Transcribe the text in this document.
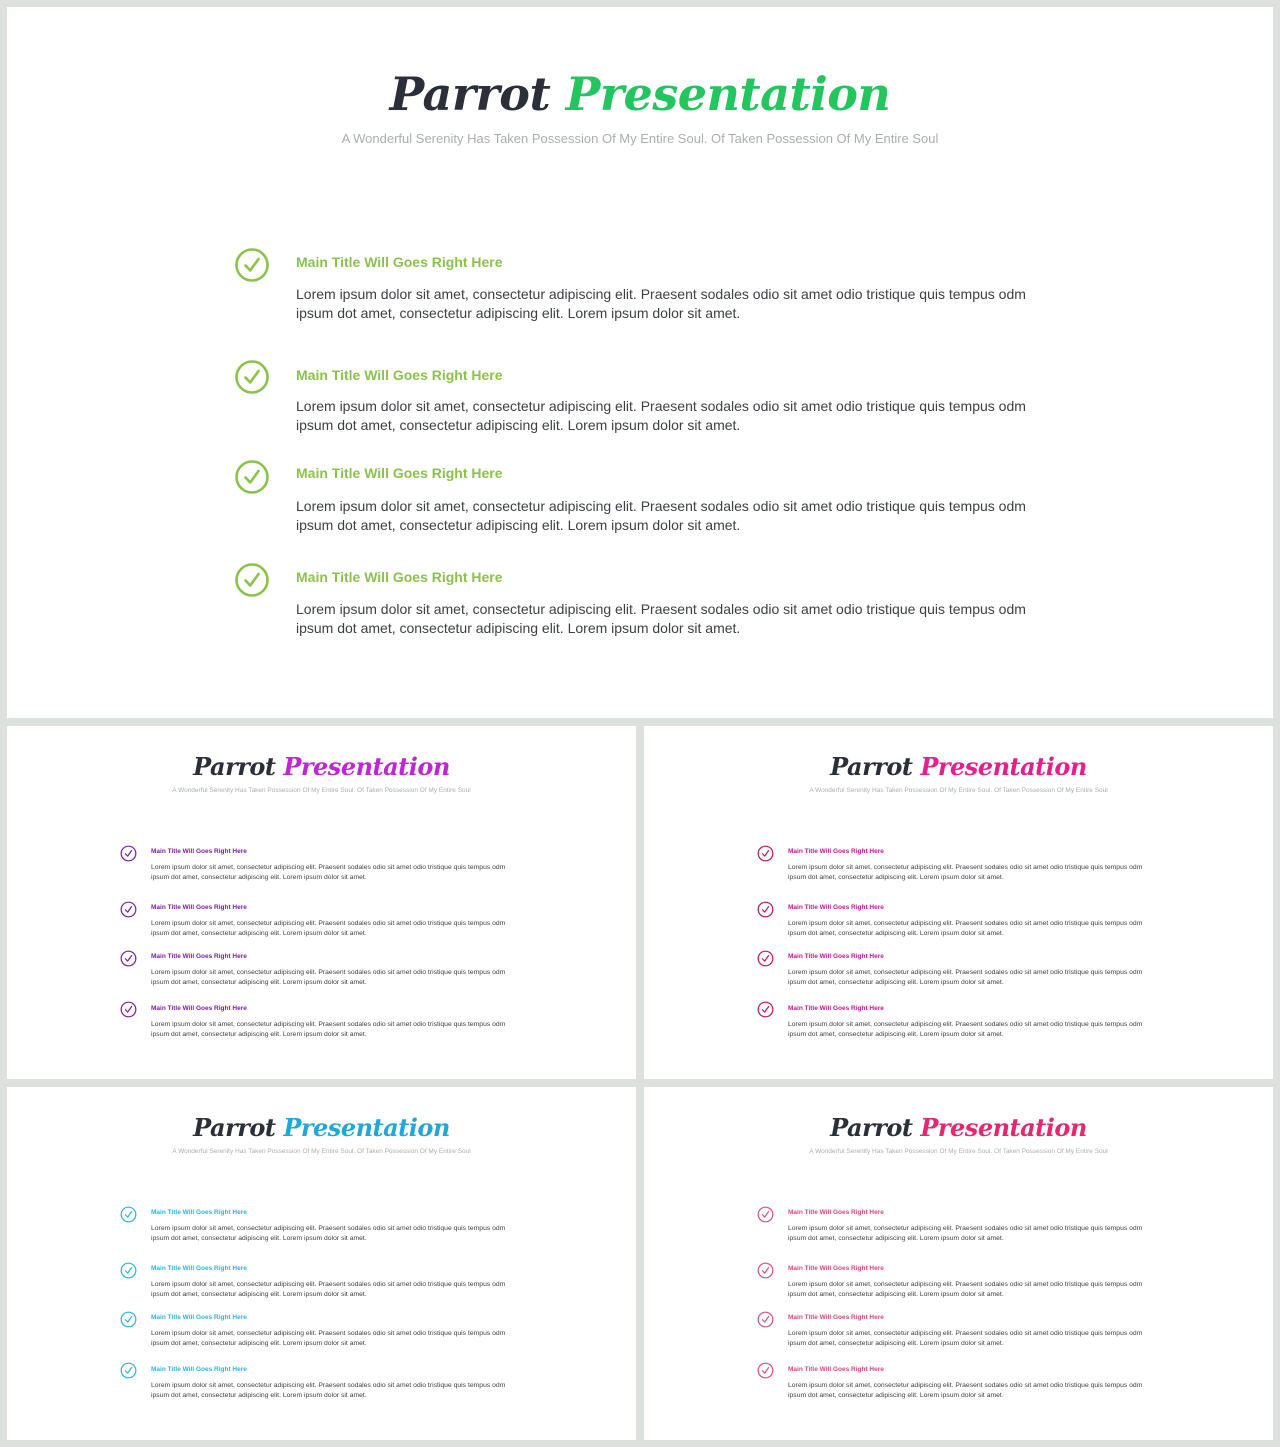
Parrot Presentation
A Wonderful Serenity Has Taken Possession Of My Entire Soul. Of Taken Possession Of My Entire Soul
Main Title Will Goes Right Here
Lorem ipsum dolor sit amet, consectetur adipiscing elit. Praesent sodales odio sit amet odio tristique quis tempus odm ipsum dot amet, consectetur adipiscing elit. Lorem ipsum dolor sit amet.
Main Title Will Goes Right Here
Lorem ipsum dolor sit amet, consectetur adipiscing elit. Praesent sodales odio sit amet odio tristique quis tempus odm ipsum dot amet, consectetur adipiscing elit. Lorem ipsum dolor sit amet.
Main Title Will Goes Right Here
Lorem ipsum dolor sit amet, consectetur adipiscing elit. Praesent sodales odio sit amet odio tristique quis tempus odm ipsum dot amet, consectetur adipiscing elit. Lorem ipsum dolor sit amet.
Main Title Will Goes Right Here
Lorem ipsum dolor sit amet, consectetur adipiscing elit. Praesent sodales odio sit amet odio tristique quis tempus odm ipsum dot amet, consectetur adipiscing elit. Lorem ipsum dolor sit amet.
Parrot Presentation
A Wonderful Serenity Has Taken Possession Of My Entire Soul. Of Taken Possession Of My Entire Soul
Main Title Will Goes Right Here
Lorem ipsum dolor sit amet, consectetur adipiscing elit. Praesent sodales odio sit amet odio tristique quis tempus odm ipsum dot amet, consectetur adipiscing elit. Lorem ipsum dolor sit amet.
Main Title Will Goes Right Here
Lorem ipsum dolor sit amet, consectetur adipiscing elit. Praesent sodales odio sit amet odio tristique quis tempus odm ipsum dot amet, consectetur adipiscing elit. Lorem ipsum dolor sit amet.
Main Title Will Goes Right Here
Lorem ipsum dolor sit amet, consectetur adipiscing elit. Praesent sodales odio sit amet odio tristique quis tempus odm ipsum dot amet, consectetur adipiscing elit. Lorem ipsum dolor sit amet.
Main Title Will Goes Right Here
Lorem ipsum dolor sit amet, consectetur adipiscing elit. Praesent sodales odio sit amet odio tristique quis tempus odm ipsum dot amet, consectetur adipiscing elit. Lorem ipsum dolor sit amet.
Parrot Presentation
A Wonderful Serenity Has Taken Possession Of My Entire Soul. Of Taken Possession Of My Entire Soul
Main Title Will Goes Right Here
Lorem ipsum dolor sit amet, consectetur adipiscing elit. Praesent sodales odio sit amet odio tristique quis tempus odm ipsum dot amet, consectetur adipiscing elit. Lorem ipsum dolor sit amet.
Main Title Will Goes Right Here
Lorem ipsum dolor sit amet, consectetur adipiscing elit. Praesent sodales odio sit amet odio tristique quis tempus odm ipsum dot amet, consectetur adipiscing elit. Lorem ipsum dolor sit amet.
Main Title Will Goes Right Here
Lorem ipsum dolor sit amet, consectetur adipiscing elit. Praesent sodales odio sit amet odio tristique quis tempus odm ipsum dot amet, consectetur adipiscing elit. Lorem ipsum dolor sit amet.
Main Title Will Goes Right Here
Lorem ipsum dolor sit amet, consectetur adipiscing elit. Praesent sodales odio sit amet odio tristique quis tempus odm ipsum dot amet, consectetur adipiscing elit. Lorem ipsum dolor sit amet.
Parrot Presentation
A Wonderful Serenity Has Taken Possession Of My Entire Soul. Of Taken Possession Of My Entire Soul
Main Title Will Goes Right Here
Lorem ipsum dolor sit amet, consectetur adipiscing elit. Praesent sodales odio sit amet odio tristique quis tempus odm ipsum dot amet, consectetur adipiscing elit. Lorem ipsum dolor sit amet.
Main Title Will Goes Right Here
Lorem ipsum dolor sit amet, consectetur adipiscing elit. Praesent sodales odio sit amet odio tristique quis tempus odm ipsum dot amet, consectetur adipiscing elit. Lorem ipsum dolor sit amet.
Main Title Will Goes Right Here
Lorem ipsum dolor sit amet, consectetur adipiscing elit. Praesent sodales odio sit amet odio tristique quis tempus odm ipsum dot amet, consectetur adipiscing elit. Lorem ipsum dolor sit amet.
Main Title Will Goes Right Here
Lorem ipsum dolor sit amet, consectetur adipiscing elit. Praesent sodales odio sit amet odio tristique quis tempus odm ipsum dot amet, consectetur adipiscing elit. Lorem ipsum dolor sit amet.
Parrot Presentation
A Wonderful Serenity Has Taken Possession Of My Entire Soul. Of Taken Possession Of My Entire Soul
Main Title Will Goes Right Here
Lorem ipsum dolor sit amet, consectetur adipiscing elit. Praesent sodales odio sit amet odio tristique quis tempus odm ipsum dot amet, consectetur adipiscing elit. Lorem ipsum dolor sit amet.
Main Title Will Goes Right Here
Lorem ipsum dolor sit amet, consectetur adipiscing elit. Praesent sodales odio sit amet odio tristique quis tempus odm ipsum dot amet, consectetur adipiscing elit. Lorem ipsum dolor sit amet.
Main Title Will Goes Right Here
Lorem ipsum dolor sit amet, consectetur adipiscing elit. Praesent sodales odio sit amet odio tristique quis tempus odm ipsum dot amet, consectetur adipiscing elit. Lorem ipsum dolor sit amet.
Main Title Will Goes Right Here
Lorem ipsum dolor sit amet, consectetur adipiscing elit. Praesent sodales odio sit amet odio tristique quis tempus odm ipsum dot amet, consectetur adipiscing elit. Lorem ipsum dolor sit amet.
